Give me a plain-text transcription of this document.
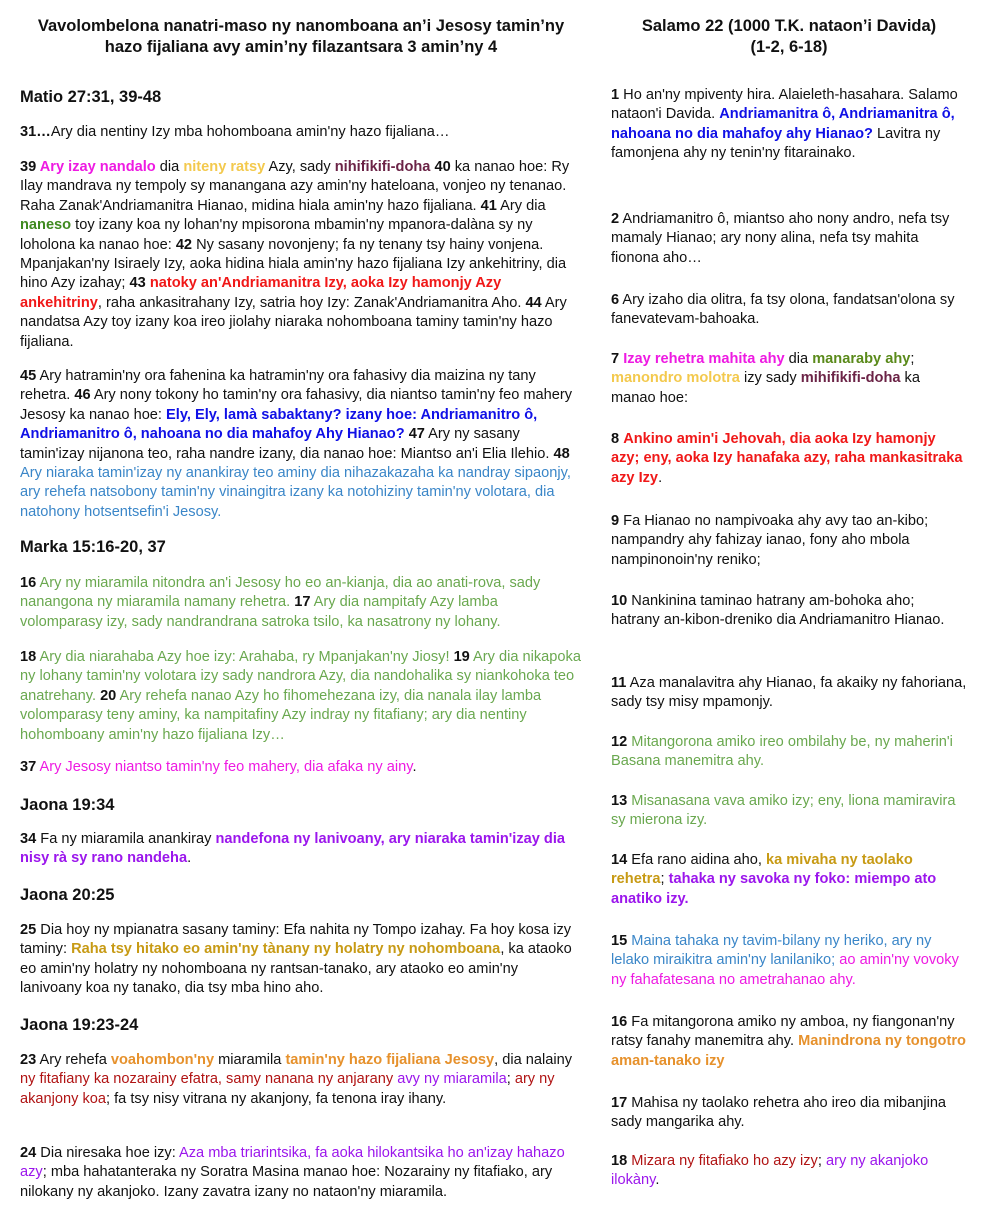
Vavolombelona nanatri-maso ny nanomboana an’i Jesosy tamin’ny hazo fijaliana avy amin’ny filazantsara 3 amin’ny 4
Matio 27:31, 39-48
31…Ary dia nentiny Izy mba hohomboana amin'ny hazo fijaliana…
39 Ary izay nandalo dia niteny ratsy Azy, sady nihifikifi-doha 40 ka nanao hoe: Ry Ilay mandrava ny tempoly sy manangana azy amin'ny hateloana, vonjeo ny tenanao. Raha Zanak'Andriamanitra Hianao, midina hiala amin'ny hazo fijaliana. 41 Ary dia naneso toy izany koa ny lohan'ny mpisorona mbamin'ny mpanora-dalàna sy ny loholona ka nanao hoe: 42 Ny sasany novonjeny; fa ny tenany tsy hainy vonjena. Mpanjakan'ny Isiraely Izy, aoka hidina hiala amin'ny hazo fijaliana Izy ankehitriny, dia hino Azy izahay; 43 natoky an'Andriamanitra Izy, aoka Izy hamonjy Azy ankehitriny, raha ankasitrahany Izy, satria hoy Izy: Zanak'Andriamanitra Aho. 44 Ary nandatsa Azy toy izany koa ireo jiolahy niaraka nohomboana taminy tamin'ny hazo fijaliana.
45 Ary hatramin'ny ora fahenina ka hatramin'ny ora fahasivy dia maizina ny tany rehetra. 46 Ary nony tokony ho tamin'ny ora fahasivy, dia niantso tamin'ny feo mahery Jesosy ka nanao hoe: Ely, Ely, lamà sabaktany? izany hoe: Andriamanitro ô, Andriamanitro ô, nahoana no dia mahafoy Ahy Hianao? 47 Ary ny sasany tamin'izay nijanona teo, raha nandre izany, dia nanao hoe: Miantso an'i Elia Ilehio. 48 Ary niaraka tamin'izay ny anankiray teo aminy dia nihazakazaha ka nandray sipaonjy, ary rehefa natsobony tamin'ny vinaingitra izany ka notohiziny tamin'ny volotara, dia natohony hotsentsefin'i Jesosy.
Marka 15:16-20, 37
16 Ary ny miaramila nitondra an'i Jesosy ho eo an-kianja, dia ao anati-rova, sady nanangona ny miaramila namany rehetra. 17 Ary dia nampitafy Azy lamba volomparasy izy, sady nandrandrana satroka tsilo, ka nasatrony ny lohany.
18 Ary dia niarahaba Azy hoe izy: Arahaba, ry Mpanjakan'ny Jiosy! 19 Ary dia nikapoka ny lohany tamin'ny volotara izy sady nandrora Azy, dia nandohalika sy niankohoka teo anatrehany. 20 Ary rehefa nanao Azy ho fihomehezana izy, dia nanala ilay lamba volomparasy teny aminy, ka nampitafiny Azy indray ny fitafiany; ary dia nentiny hohomboany amin'ny hazo fijaliana Izy…
37 Ary Jesosy niantso tamin'ny feo mahery, dia afaka ny ainy.
Jaona 19:34
34 Fa ny miaramila anankiray nandefona ny lanivoany, ary niaraka tamin'izay dia nisy rà sy rano nandeha.
Jaona 20:25
25 Dia hoy ny mpianatra sasany taminy: Efa nahita ny Tompo izahay. Fa hoy kosa izy taminy: Raha tsy hitako eo amin'ny tànany ny holatry ny nohomboana, ka ataoko eo amin'ny holatry ny nohomboana ny rantsan-tanako, ary ataoko eo amin'ny lanivoany koa ny tanako, dia tsy mba hino aho.
Jaona 19:23-24
23 Ary rehefa voahombon'ny miaramila tamin'ny hazo fijaliana Jesosy, dia nalainy ny fitafiany ka nozarainy efatra, samy nanana ny anjarany avy ny miaramila; ary ny akanjony koa; fa tsy nisy vitrana ny akanjony, fa tenona iray ihany.
24 Dia niresaka hoe izy: Aza mba triarintsika, fa aoka hilokantsika ho an'izay hahazo azy; mba hahatanteraka ny Soratra Masina manao hoe: Nozarainy ny fitafiako, ary nilokany ny akanjoko. Izany zavatra izany no nataon'ny miaramila.
Salamo 22 (1000 T.K. nataon’i Davida)
(1-2, 6-18)
1 Ho an'ny mpiventy hira. Alaieleth-hasahara. Salamo nataon'i Davida. Andriamanitra ô, Andriamanitra ô, nahoana no dia mahafoy ahy Hianao? Lavitra ny famonjena ahy ny tenin'ny fitarainako.
2 Andriamanitro ô, miantso aho nony andro, nefa tsy mamaly Hianao; ary nony alina, nefa tsy mahita fionona aho…
6 Ary izaho dia olitra, fa tsy olona, fandatsan'olona sy fanevatevam-bahoaka.
7 Izay rehetra mahita ahy dia manaraby ahy; manondro molotra izy sady mihifikifi-doha ka manao hoe:
8 Ankino amin'i Jehovah, dia aoka Izy hamonjy azy; eny, aoka Izy hanafaka azy, raha mankasitraka azy Izy.
9 Fa Hianao no nampivoaka ahy avy tao an-kibo; nampandry ahy fahizay ianao, fony aho mbola nampinonoin'ny reniko;
10 Nankinina taminao hatrany am-bohoka aho; hatrany an-kibon-dreniko dia Andriamanitro Hianao.
11 Aza manalavitra ahy Hianao, fa akaiky ny fahoriana, sady tsy misy mpamonjy.
12 Mitangorona amiko ireo ombilahy be, ny maherin'i Basana manemitra ahy.
13 Misanasana vava amiko izy; eny, liona mamiravira sy mierona izy.
14 Efa rano aidina aho, ka mivaha ny taolako rehetra; tahaka ny savoka ny foko: miempo ato anatiko izy.
15 Maina tahaka ny tavim-bilany ny heriko, ary ny lelako miraikitra amin'ny lanilaniko; ao amin'ny vovoky ny fahafatesana no ametrahanao ahy.
16 Fa mitangorona amiko ny amboa, ny fiangonan'ny ratsy fanahy manemitra ahy. Manindrona ny tongotro aman-tanako izy
17 Mahisa ny taolako rehetra aho ireo dia mibanjina sady mangarika ahy.
18 Mizara ny fitafiako ho azy izy; ary ny akanjoko ilokàny.
